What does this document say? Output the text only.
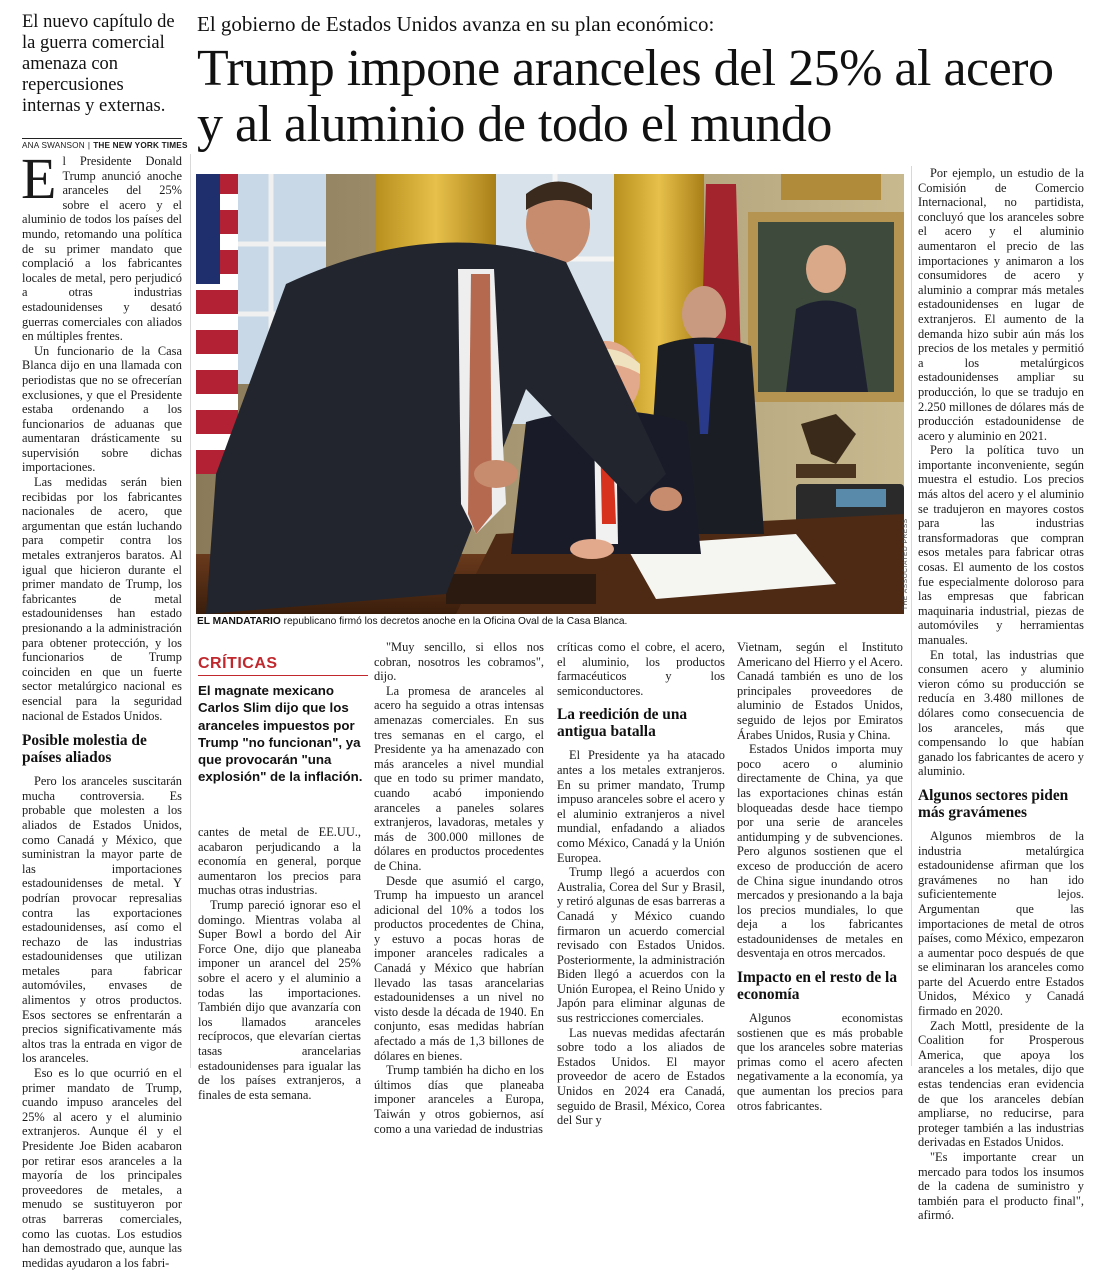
El nuevo capítulo de la guerra comercial amenaza con repercusiones internas y externas.
El gobierno de Estados Unidos avanza en su plan económico:
Trump impone aranceles del 25% al acero y al aluminio de todo el mundo
ANA SWANSON | THE NEW YORK TIMES

El Presidente Donald Trump anunció anoche aranceles del 25% sobre el acero y el aluminio de todos los países del mundo, retomando una política de su primer mandato que complació a los fabricantes locales de metal, pero perjudicó a otras industrias estadounidenses y desató guerras comerciales con aliados en múltiples frentes.

Un funcionario de la Casa Blanca dijo en una llamada con periodistas que no se ofrecerían exclusiones, y que el Presidente estaba ordenando a los funcionarios de aduanas que aumentaran drásticamente su supervisión sobre dichas importaciones.

Las medidas serán bien recibidas por los fabricantes nacionales de acero, que argumentan que están luchando para competir contra los metales extranjeros baratos. Al igual que hicieron durante el primer mandato de Trump, los fabricantes de metal estadounidenses han estado presionando a la administración para obtener protección, y los funcionarios de Trump coinciden en que un fuerte sector metalúrgico nacional es esencial para la seguridad nacional de Estados Unidos.

Posible molestia de países aliados

Pero los aranceles suscitarán mucha controversia. Es probable que molesten a los aliados de Estados Unidos, como Canadá y México, que suministran la mayor parte de las importaciones estadounidenses de metal. Y podrían provocar represalias contra las exportaciones estadounidenses, así como el rechazo de las industrias estadounidenses que utilizan metales para fabricar automóviles, envases de alimentos y otros productos. Esos sectores se enfrentarán a precios significativamente más altos tras la entrada en vigor de los aranceles.

Eso es lo que ocurrió en el primer mandato de Trump, cuando impuso aranceles del 25% al acero y el aluminio extranjeros. Aunque él y el Presidente Joe Biden acabaron por retirar esos aranceles a la mayoría de los principales proveedores de metales, a menudo se sustituyeron por otras barreras comerciales, como las cuotas. Los estudios han demostrado que, aunque las medidas ayudaron a los fabri-

THE ASSOCIATED PRESS
EL MANDATARIO republicano firmó los decretos anoche en la Oficina Oval de la Casa Blanca.
CRÍTICAS
El magnate mexicano Carlos Slim dijo que los aranceles impuestos por Trump "no funcionan", ya que provocarán "una explosión" de la inflación.

cantes de metal de EE.UU., acabaron perjudicando a la economía en general, porque aumentaron los precios para muchas otras industrias.

Trump pareció ignorar eso el domingo. Mientras volaba al Super Bowl a bordo del Air Force One, dijo que planeaba imponer un arancel del 25% sobre el acero y el aluminio a todas las importaciones. También dijo que avanzaría con los llamados aranceles recíprocos, que elevarían ciertas tasas arancelarias estadounidenses para igualar las de los países extranjeros, a finales de esta semana.

"Muy sencillo, si ellos nos cobran, nosotros les cobramos", dijo.

La promesa de aranceles al acero ha seguido a otras intensas amenazas comerciales. En sus tres semanas en el cargo, el Presidente ya ha amenazado con más aranceles a nivel mundial que en todo su primer mandato, cuando acabó imponiendo aranceles a paneles solares extranjeros, lavadoras, metales y más de 300.000 millones de dólares en productos procedentes de China.

Desde que asumió el cargo, Trump ha impuesto un arancel adicional del 10% a todos los productos procedentes de China, y estuvo a pocas horas de imponer aranceles radicales a Canadá y México que habrían llevado las tasas arancelarias estadounidenses a un nivel no visto desde la década de 1940. En conjunto, esas medidas habrían afectado a más de 1,3 billones de dólares en bienes.

Trump también ha dicho en los últimos días que planeaba imponer aranceles a Europa, Taiwán y otros gobiernos, así como a una variedad de industrias

críticas como el cobre, el acero, el aluminio, los productos farmacéuticos y los semiconductores.

La reedición de una antigua batalla

El Presidente ya ha atacado antes a los metales extranjeros. En su primer mandato, Trump impuso aranceles sobre el acero y el aluminio extranjeros a nivel mundial, enfadando a aliados como México, Canadá y la Unión Europea.

Trump llegó a acuerdos con Australia, Corea del Sur y Brasil, y retiró algunas de esas barreras a Canadá y México cuando firmaron un acuerdo comercial revisado con Estados Unidos. Posteriormente, la administración Biden llegó a acuerdos con la Unión Europea, el Reino Unido y Japón para eliminar algunas de sus restricciones comerciales.

Las nuevas medidas afectarán sobre todo a los aliados de Estados Unidos. El mayor proveedor de acero de Estados Unidos en 2024 era Canadá, seguido de Brasil, México, Corea del Sur y

Vietnam, según el Instituto Americano del Hierro y el Acero. Canadá también es uno de los principales proveedores de aluminio de Estados Unidos, seguido de lejos por Emiratos Árabes Unidos, Rusia y China.

Estados Unidos importa muy poco acero o aluminio directamente de China, ya que las exportaciones chinas están bloqueadas desde hace tiempo por una serie de aranceles antidumping y de subvenciones. Pero algunos sostienen que el exceso de producción de acero de China sigue inundando otros mercados y presionando a la baja los precios mundiales, lo que deja a los fabricantes estadounidenses de metales en desventaja en otros mercados.

Impacto en el resto de la economía

Algunos economistas sostienen que es más probable que los aranceles sobre materias primas como el acero afecten negativamente a la economía, ya que aumentan los precios para otros fabricantes.

Por ejemplo, un estudio de la Comisión de Comercio Internacional, no partidista, concluyó que los aranceles sobre el acero y el aluminio aumentaron el precio de las importaciones y animaron a los consumidores de acero y aluminio a comprar más metales estadounidenses en lugar de extranjeros. El aumento de la demanda hizo subir aún más los precios de los metales y permitió a los metalúrgicos estadounidenses ampliar su producción, lo que se tradujo en 2.250 millones de dólares más de producción estadounidense de acero y aluminio en 2021.

Pero la política tuvo un importante inconveniente, según muestra el estudio. Los precios más altos del acero y el aluminio se tradujeron en mayores costos para las industrias transformadoras que compran esos metales para fabricar otras cosas. El aumento de los costos fue especialmente doloroso para las empresas que fabrican maquinaria industrial, piezas de automóviles y herramientas manuales.

En total, las industrias que consumen acero y aluminio vieron cómo su producción se reducía en 3.480 millones de dólares como consecuencia de los aranceles, más que compensando lo que habían ganado los fabricantes de acero y aluminio.

Algunos sectores piden más gravámenes

Algunos miembros de la industria metalúrgica estadounidense afirman que los gravámenes no han ido suficientemente lejos. Argumentan que las importaciones de metal de otros países, como México, empezaron a aumentar poco después de que se eliminaran los aranceles como parte del Acuerdo entre Estados Unidos, México y Canadá firmado en 2020.

Zach Mottl, presidente de la Coalition for Prosperous America, que apoya los aranceles a los metales, dijo que estas tendencias eran evidencia de que los aranceles debían ampliarse, no reducirse, para proteger también a las industrias derivadas en Estados Unidos.

"Es importante crear un mercado para todos los insumos de la cadena de suministro y también para el producto final", afirmó.
